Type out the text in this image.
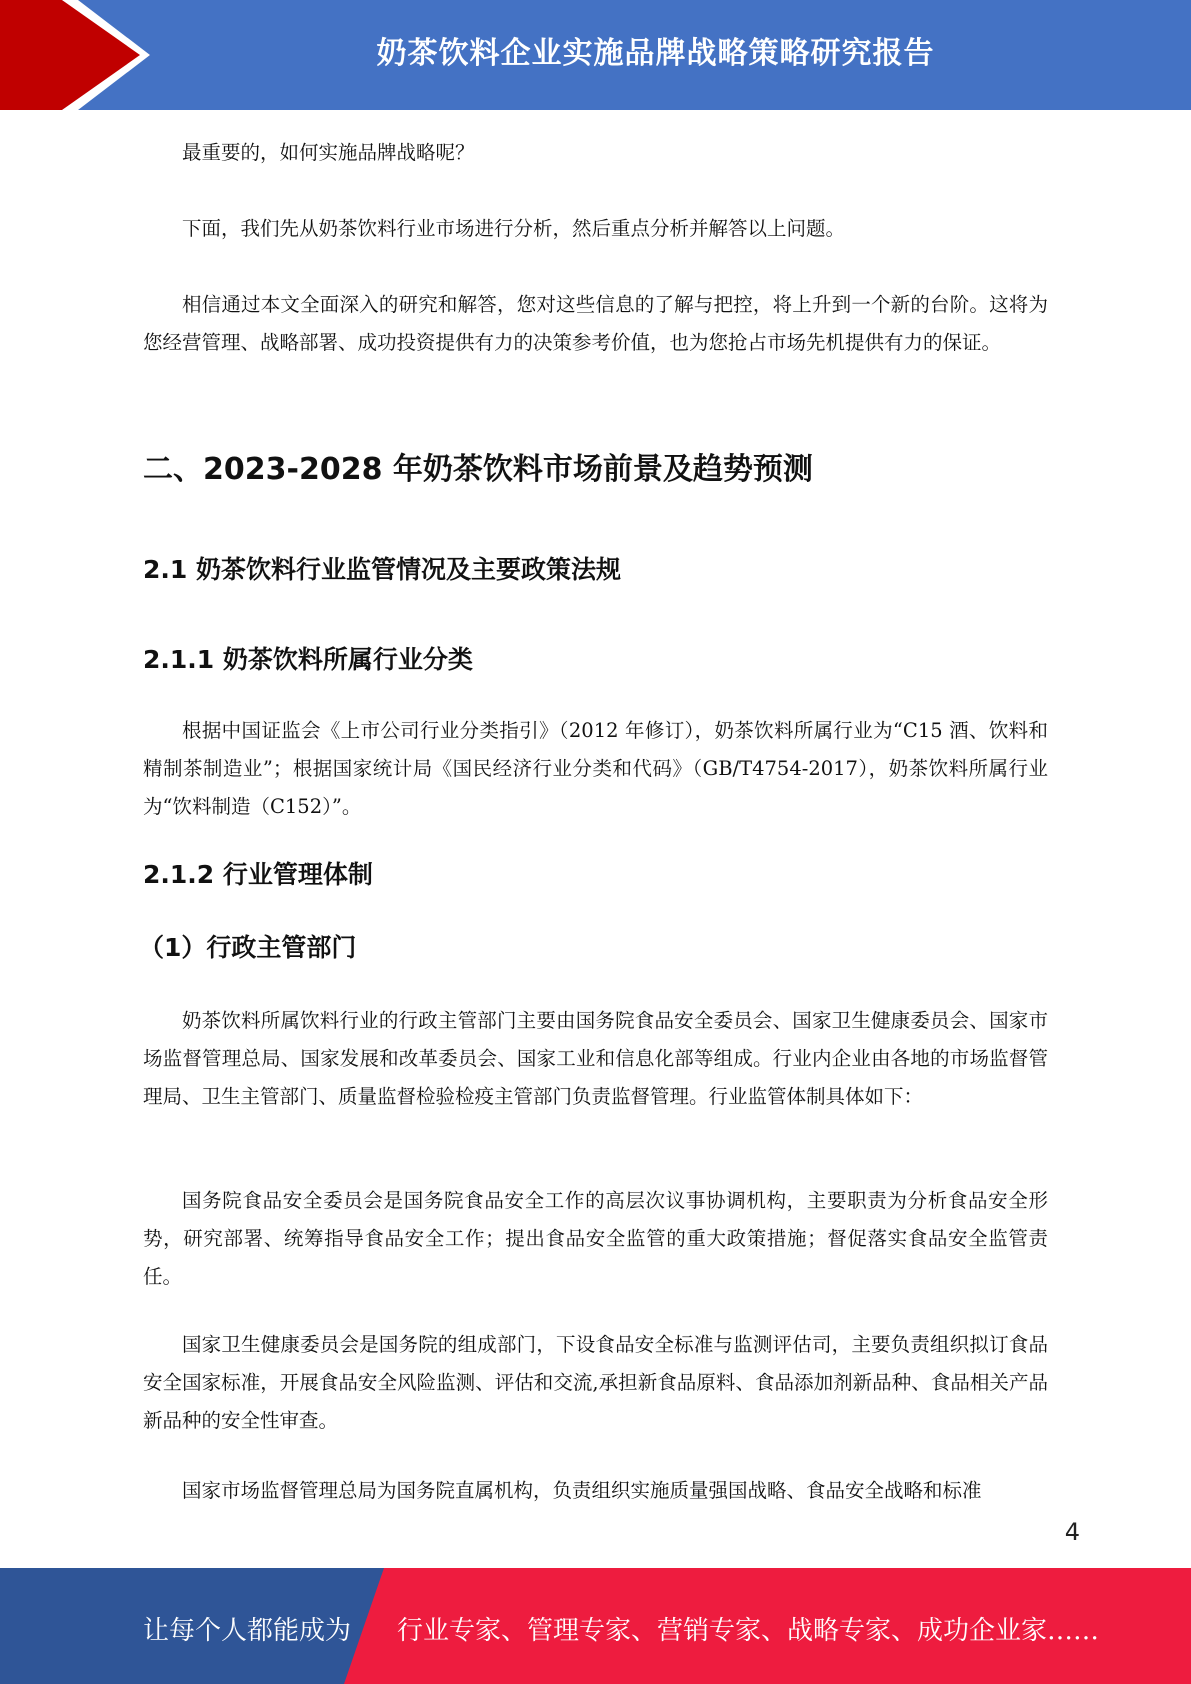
奶茶饮料企业实施品牌战略策略研究报告

最重要的，如何实施品牌战略呢？

下面，我们先从奶茶饮料行业市场进行分析，然后重点分析并解答以上问题。

相信通过本文全面深入的研究和解答，您对这些信息的了解与把控，将上升到一个新的台阶。这将为您经营管理、战略部署、成功投资提供有力的决策参考价值，也为您抢占市场先机提供有力的保证。

二、2023-2028 年奶茶饮料市场前景及趋势预测
2.1 奶茶饮料行业监管情况及主要政策法规
2.1.1 奶茶饮料所属行业分类

根据中国证监会《上市公司行业分类指引》（2012 年修订），奶茶饮料所属行业为“C15 酒、饮料和精制茶制造业”；根据国家统计局《国民经济行业分类和代码》（GB/T4754-2017），奶茶饮料所属行业为“饮料制造（C152）”。

2.1.2 行业管理体制
（1）行政主管部门

奶茶饮料所属饮料行业的行政主管部门主要由国务院食品安全委员会、国家卫生健康委员会、国家市场监督管理总局、国家发展和改革委员会、国家工业和信息化部等组成。行业内企业由各地的市场监督管理局、卫生主管部门、质量监督检验检疫主管部门负责监督管理。行业监管体制具体如下：

国务院食品安全委员会是国务院食品安全工作的高层次议事协调机构，主要职责为分析食品安全形势，研究部署、统筹指导食品安全工作；提出食品安全监管的重大政策措施；督促落实食品安全监管责任。

国家卫生健康委员会是国务院的组成部门，下设食品安全标准与监测评估司，主要负责组织拟订食品安全国家标准，开展食品安全风险监测、评估和交流,承担新食品原料、食品添加剂新品种、食品相关产品新品种的安全性审查。

国家市场监督管理总局为国务院直属机构，负责组织实施质量强国战略、食品安全战略和标准

4
让每个人都能成为 行业专家、管理专家、营销专家、战略专家、成功企业家……
